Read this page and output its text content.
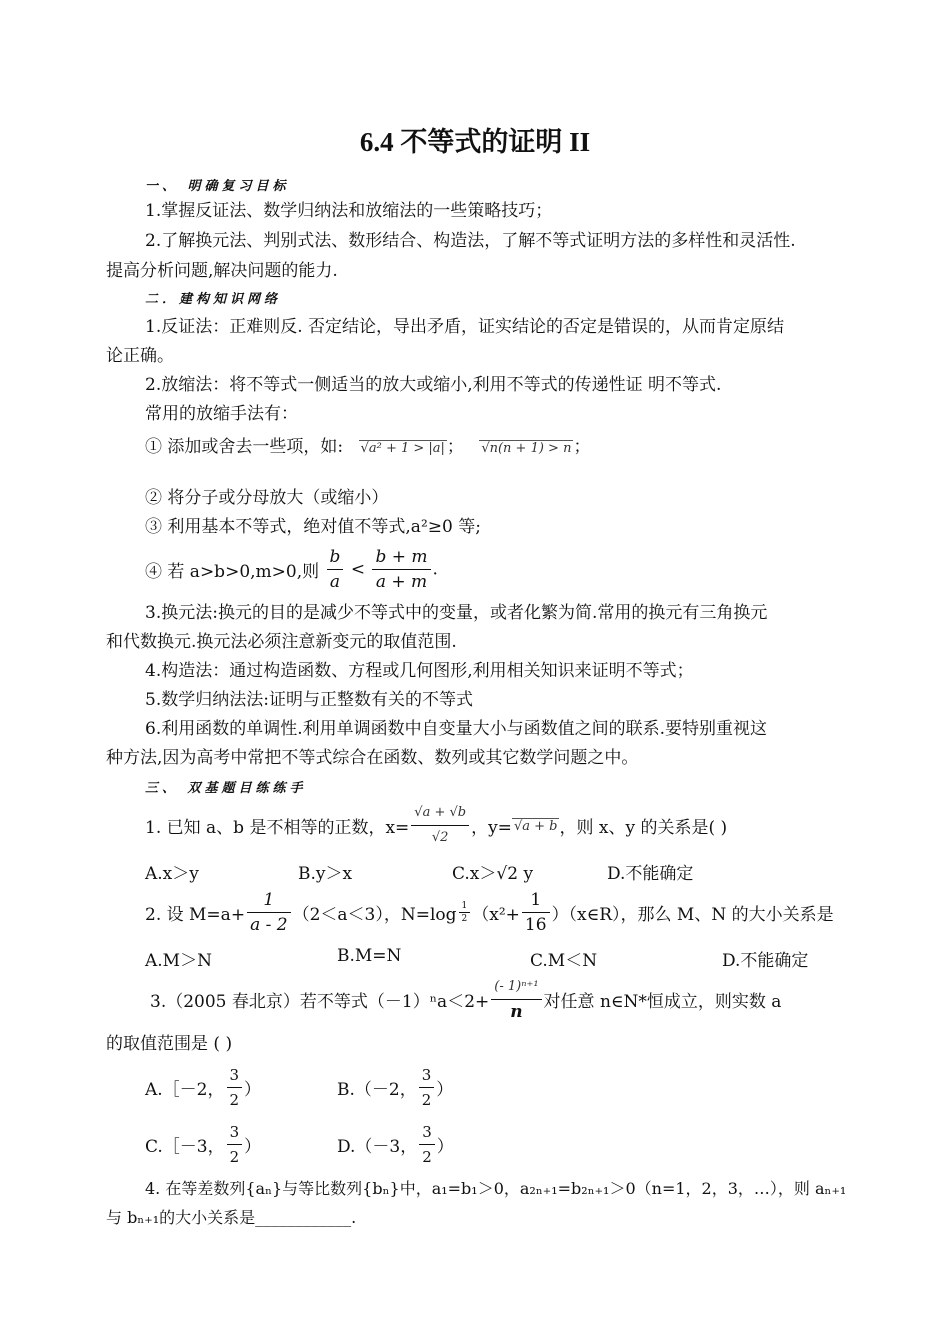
6.4 不等式的证明 II
一、 明确复习目标
1.掌握反证法、数学归纳法和放缩法的一些策略技巧；
2.了解换元法、判别式法、数形结合、构造法，了解不等式证明方法的多样性和灵活性.
提高分析问题,解决问题的能力.
二．建构知识网络
1.反证法：正难则反. 否定结论，导出矛盾，证实结论的否定是错误的，从而肯定原结
论正确。
2.放缩法：将不等式一侧适当的放大或缩小,利用不等式的传递性证 明不等式.
常用的放缩手法有：
① 添加或舍去一些项，如: √ a² + 1 > |a| ； √ n(n + 1) > n ；
② 将分子或分母放大（或缩小）
③ 利用基本不等式，绝对值不等式,a²≥0 等;
④ 若 a>b>0,m>0,则 $\frac{b}{a} < \frac{b + m}{a + m}$ .
3.换元法:换元的目的是减少不等式中的变量，或者化繁为简.常用的换元有三角换元
和代数换元.换元法必须注意新变元的取值范围.
4.构造法：通过构造函数、方程或几何图形,利用相关知识来证明不等式；
5.数学归纳法法:证明与正整数有关的不等式
6.利用函数的单调性.利用单调函数中自变量大小与函数值之间的联系.要特别重视这
种方法,因为高考中常把不等式综合在函数、数列或其它数学问题之中。
三、 双基题目练练手
1. 已知 a、b 是不相等的正数，$x= \frac{√a + √b}{√2}$ ，y= √ a + b ，则 x、y 的关系是( )
A.x＞y	B.y＞x	C.x＞√2 y	D.不能确定
2. 设 $M=a+ \frac{1}{a - 2} (2<a<3)$，$N=\log \frac{1}{2} (x^2+ \frac{1}{16}$ ）（x∈R），那么 M、N 的大小关系是
A.M＞N	B.M=N	C.M＜N	D.不能确定
3.（2005 春北京）若不等式$(-1)^na<2+ \frac{\text{(- 1)ⁿ⁺¹}}{n}$ 对任意 n∈N*恒成立，则实数 a
的取值范围是 ( )
A.［－2， $\frac{3}{2}$ ）	B.（－2， $\frac{3}{2}$ ）
C.［－3， $\frac{3}{2}$ ）	D.（－3， $\frac{3}{2}$ ）
4. 在等差数列{aₙ}与等比数列{bₙ}中，a₁=b₁＞0，a₂ₙ₊₁=b₂ₙ₊₁＞0（n=1，2，3，…），则 aₙ₊₁
与 bₙ₊₁的大小关系是____________.
